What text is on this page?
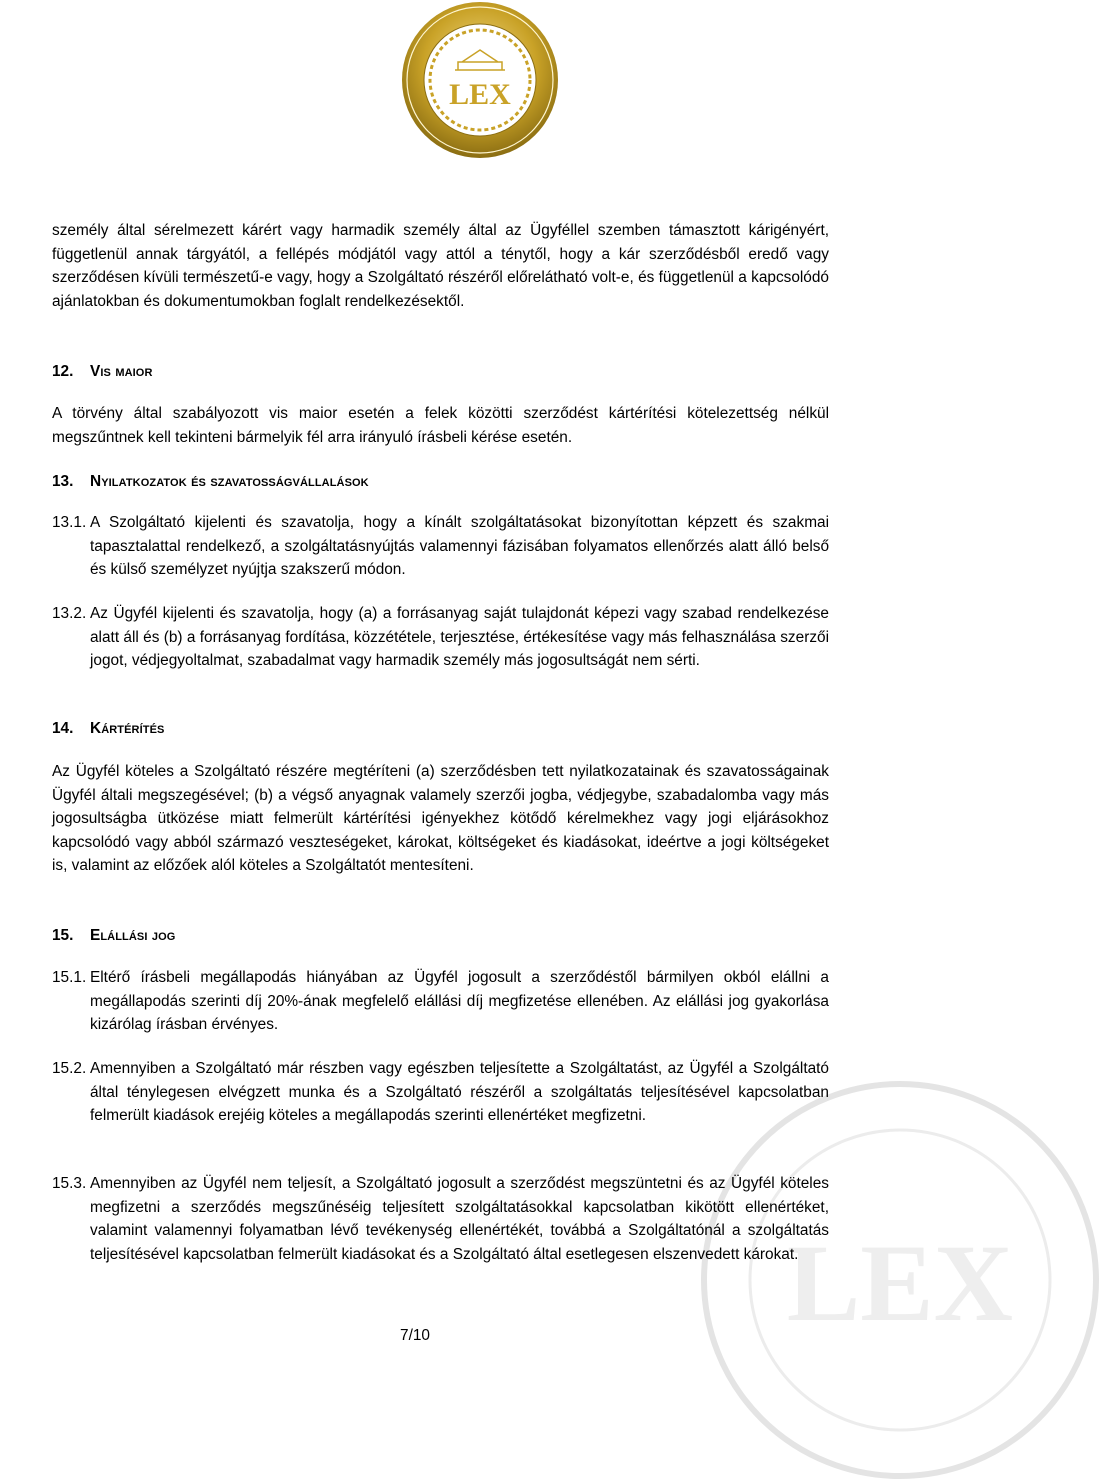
LEX
LEX
személy által sérelmezett kárért vagy harmadik személy által az Ügyféllel szemben támasztott kárigényért, függetlenül annak tárgyától, a fellépés módjától vagy attól a ténytől, hogy a kár szerződésből eredő vagy szerződésen kívüli természetű-e vagy, hogy a Szolgáltató részéről előrelátható volt-e, és függetlenül a kapcsolódó ajánlatokban és dokumentumokban foglalt rendelkezésektől.
12. Vis maior
A törvény által szabályozott vis maior esetén a felek közötti szerződést kártérítési kötelezettség nélkül megszűntnek kell tekinteni bármelyik fél arra irányuló írásbeli kérése esetén.
13. Nyilatkozatok és szavatosságvállalások
13.1. A Szolgáltató kijelenti és szavatolja, hogy a kínált szolgáltatásokat bizonyítottan képzett és szakmai tapasztalattal rendelkező, a szolgáltatásnyújtás valamennyi fázisában folyamatos ellenőrzés alatt álló belső és külső személyzet nyújtja szakszerű módon.
13.2. Az Ügyfél kijelenti és szavatolja, hogy (a) a forrásanyag saját tulajdonát képezi vagy szabad rendelkezése alatt áll és (b) a forrásanyag fordítása, közzététele, terjesztése, értékesítése vagy más felhasználása szerzői jogot, védjegyoltalmat, szabadalmat vagy harmadik személy más jogosultságát nem sérti.
14. Kártérítés
Az Ügyfél köteles a Szolgáltató részére megtéríteni (a) szerződésben tett nyilatkozatainak és szavatosságainak Ügyfél általi megszegésével; (b) a végső anyagnak valamely szerzői jogba, védjegybe, szabadalomba vagy más jogosultságba ütközése miatt felmerült kártérítési igényekhez kötődő kérelmekhez vagy jogi eljárásokhoz kapcsolódó vagy abból származó veszteségeket, károkat, költségeket és kiadásokat, ideértve a jogi költségeket is, valamint az előzőek alól köteles a Szolgáltatót mentesíteni.
15. Elállási jog
15.1. Eltérő írásbeli megállapodás hiányában az Ügyfél jogosult a szerződéstől bármilyen okból elállni a megállapodás szerinti díj 20%-ának megfelelő elállási díj megfizetése ellenében. Az elállási jog gyakorlása kizárólag írásban érvényes.
15.2. Amennyiben a Szolgáltató már részben vagy egészben teljesítette a Szolgáltatást, az Ügyfél a Szolgáltató által ténylegesen elvégzett munka és a Szolgáltató részéről a szolgáltatás teljesítésével kapcsolatban felmerült kiadások erejéig köteles a megállapodás szerinti ellenértéket megfizetni.
15.3. Amennyiben az Ügyfél nem teljesít, a Szolgáltató jogosult a szerződést megszüntetni és az Ügyfél köteles megfizetni a szerződés megszűnéséig teljesített szolgáltatásokkal kapcsolatban kikötött ellenértéket, valamint valamennyi folyamatban lévő tevékenység ellenértékét, továbbá a Szolgáltatónál a szolgáltatás teljesítésével kapcsolatban felmerült kiadásokat és a Szolgáltató által esetlegesen elszenvedett károkat.
7/10
